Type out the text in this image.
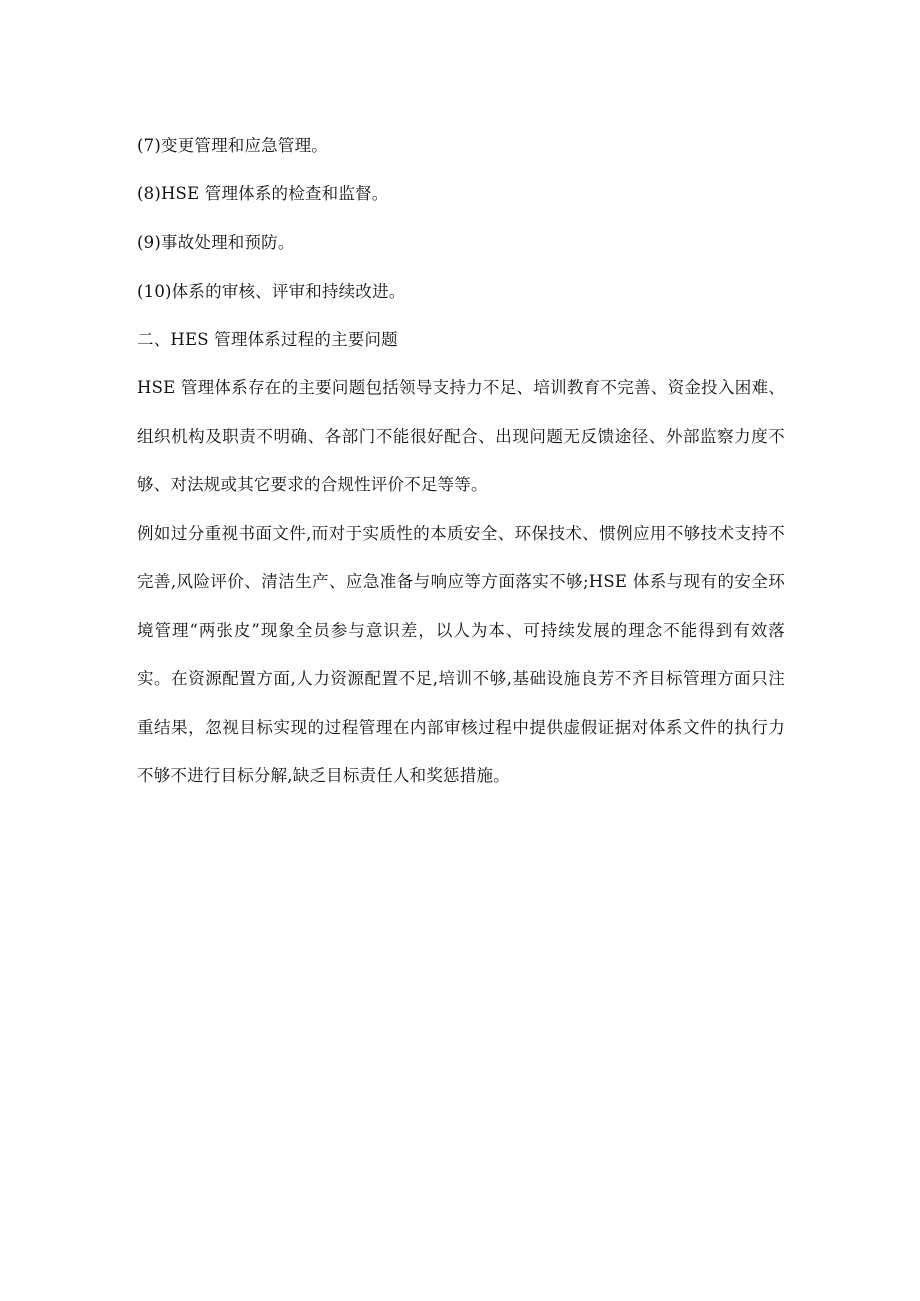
(7)变更管理和应急管理。
(8)HSE 管理体系的检查和监督。
(9)事故处理和预防。
(10)体系的审核、评审和持续改进。
二、HES 管理体系过程的主要问题
HSE 管理体系存在的主要问题包括领导支持力不足、培训教育不完善、资金投入困难、
组织机构及职责不明确、各部门不能很好配合、出现问题无反馈途径、外部监察力度不
够、对法规或其它要求的合规性评价不足等等。
例如过分重视书面文件,而对于实质性的本质安全、环保技术、惯例应用不够技术支持不
完善,风险评价、清洁生产、应急准备与响应等方面落实不够;HSE 体系与现有的安全环
境管理“两张皮”现象全员参与意识差，以人为本、可持续发展的理念不能得到有效落
实。在资源配置方面,人力资源配置不足,培训不够,基础设施良芳不齐目标管理方面只注
重结果，忽视目标实现的过程管理在内部审核过程中提供虚假证据对体系文件的执行力
不够不进行目标分解,缺乏目标责任人和奖惩措施。
